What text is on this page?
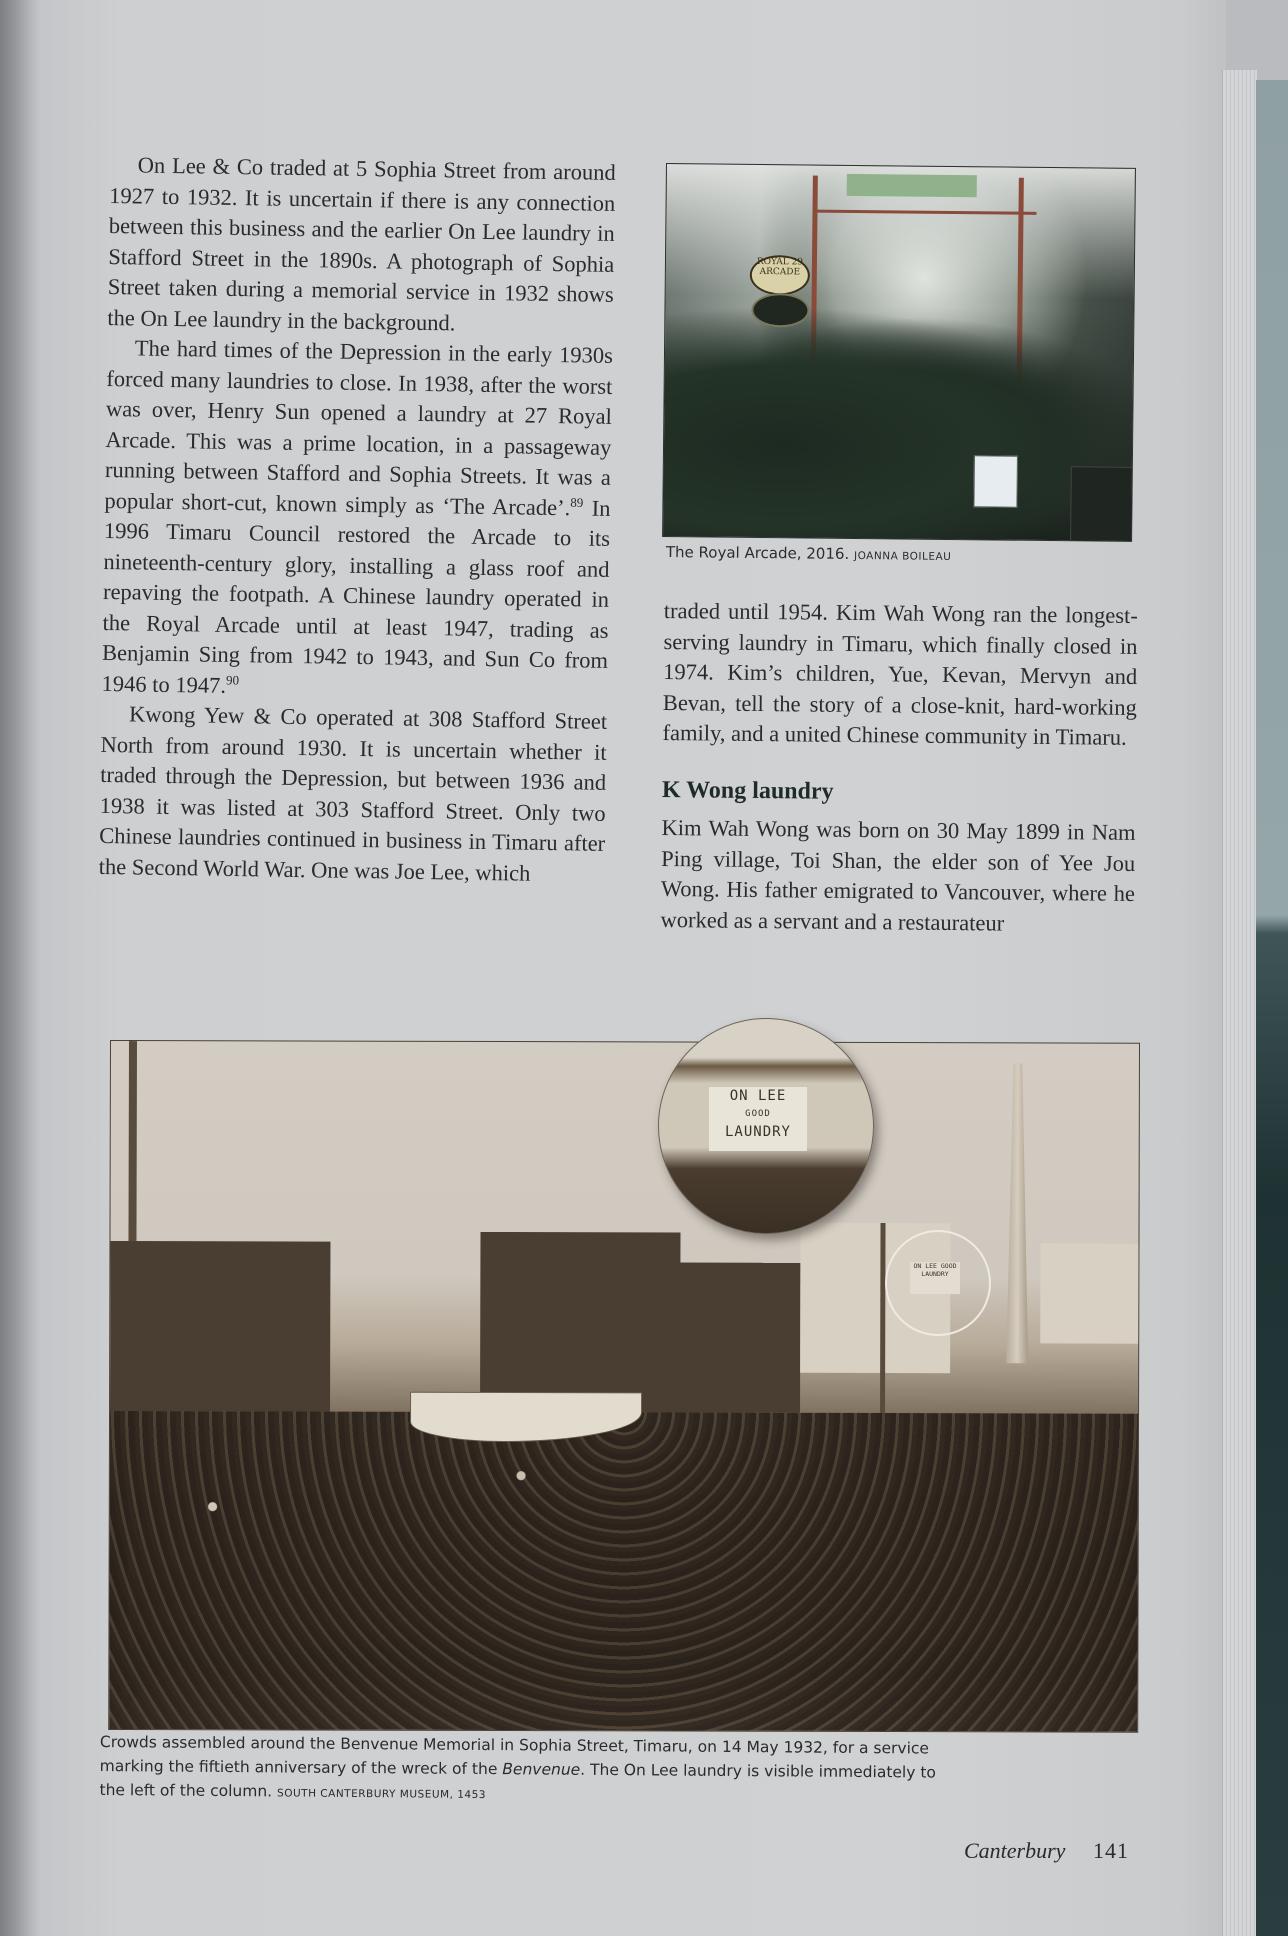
On Lee & Co traded at 5 Sophia Street from around 1927 to 1932. It is uncertain if there is any connection between this business and the earlier On Lee laundry in Stafford Street in the 1890s. A photograph of Sophia Street taken during a memorial service in 1932 shows the On Lee laundry in the background.

The hard times of the Depression in the early 1930s forced many laundries to close. In 1938, after the worst was over, Henry Sun opened a laundry at 27 Royal Arcade. This was a prime location, in a passageway running between Stafford and Sophia Streets. It was a popular short-cut, known simply as ‘The Arcade’.$^{89}$ In 1996 Timaru Council restored the Arcade to its nineteenth-century glory, installing a glass roof and repaving the footpath. A Chinese laundry operated in the Royal Arcade until at least 1947, trading as Benjamin Sing from 1942 to 1943, and Sun Co from 1946 to 1947.90

Kwong Yew & Co operated at 308 Stafford Street North from around 1930. It is uncertain whether it traded through the Depression, but between 1936 and 1938 it was listed at 303 Stafford Street. Only two Chinese laundries continued in business in Timaru after the Second World War. One was Joe Lee, which

ROYAL 29 ARCADE
The Royal Arcade, 2016. JOANNA BOILEAU

traded until 1954. Kim Wah Wong ran the longest-serving laundry in Timaru, which finally closed in 1974. Kim’s children, Yue, Kevan, Mervyn and Bevan, tell the story of a close-knit, hard-working family, and a united Chinese community in Timaru.

K Wong laundry

Kim Wah Wong was born on 30 May 1899 in Nam Ping village, Toi Shan, the elder son of Yee Jou Wong. His father emigrated to Vancouver, where he worked as a servant and a restaurateur

ON LEE GOOD LAUNDRY
ON LEE
GOOD
LAUNDRY
Crowds assembled around the Benvenue Memorial in Sophia Street, Timaru, on 14 May 1932, for a service marking the fiftieth anniversary of the wreck of the Benvenue. The On Lee laundry is visible immediately to the left of the column. SOUTH CANTERBURY MUSEUM, 1453
Canterbury 141
